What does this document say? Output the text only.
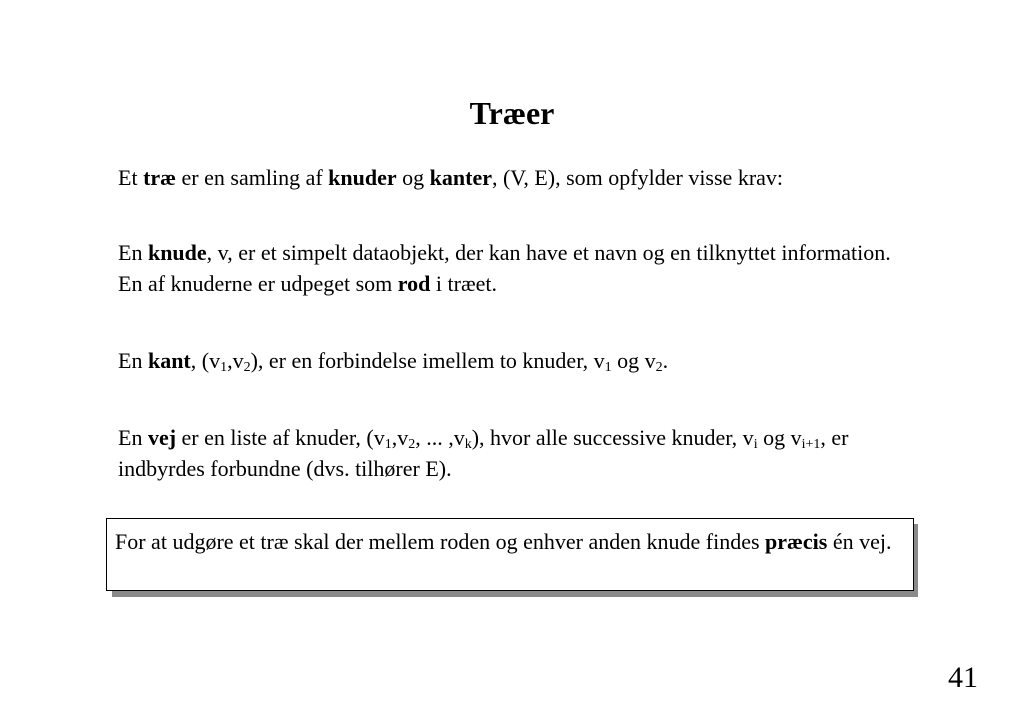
Træer

Et træ er en samling af knuder og kanter, (V, E), som opfylder visse krav:

En knude, v, er et simpelt dataobjekt, der kan have et navn og en tilknyttet information. En af knuderne er udpeget som rod i træet.

En kant, $(v_1,v_2)$, er en forbindelse imellem to knuder, $v_1$ og $v_2$.

En vej er en liste af knuder, ($v_1,v_2$, ... $,v_k$), hvor alle successive knuder, $v_i$ og $v_{i+1}$, er indbyrdes forbundne (dvs. tilhører E).

For at udgøre et træ skal der mellem roden og enhver anden knude findes præcis én vej.
41
